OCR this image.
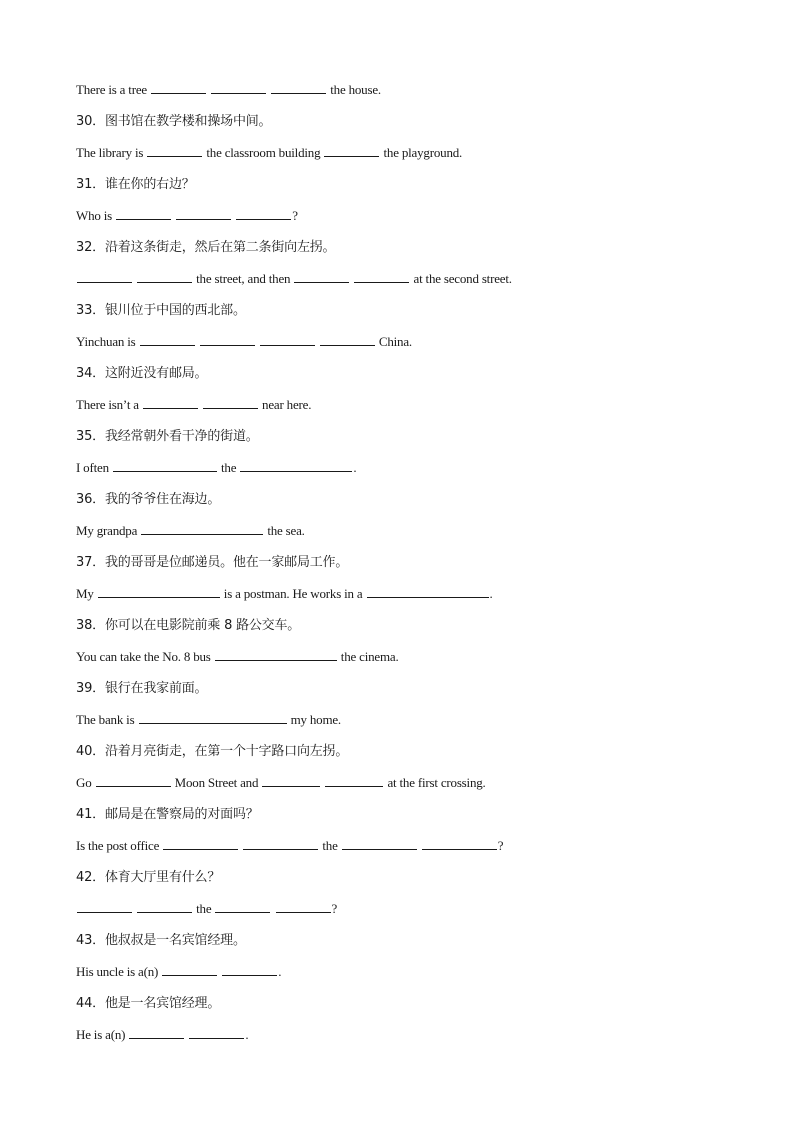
There is a tree	the house.
30．图书馆在教学楼和操场中间。
The library is	the classroom building	the playground.
31．谁在你的右边？
Who is	?
32．沿着这条街走，然后在第二条街向左拐。
the street, and then	at the second street.
33．银川位于中国的西北部。
Yinchuan is	China.
34．这附近没有邮局。
There isn’t a	near here.
35．我经常朝外看干净的街道。
I often	the	.
36．我的爷爷住在海边。
My grandpa	the sea.
37．我的哥哥是位邮递员。他在一家邮局工作。
My	is a postman. He works in a	.
38．你可以在电影院前乘 8 路公交车。
You can take the No. 8 bus	the cinema.
39．银行在我家前面。
The bank is	my home.
40．沿着月亮街走，在第一个十字路口向左拐。
Go	Moon Street and	at the first crossing.
41．邮局是在警察局的对面吗？
Is the post office	the	?
42．体育大厅里有什么？
the	?
43．他叔叔是一名宾馆经理。
His uncle is a(n)	.
44．他是一名宾馆经理。
He is a(n)	.
